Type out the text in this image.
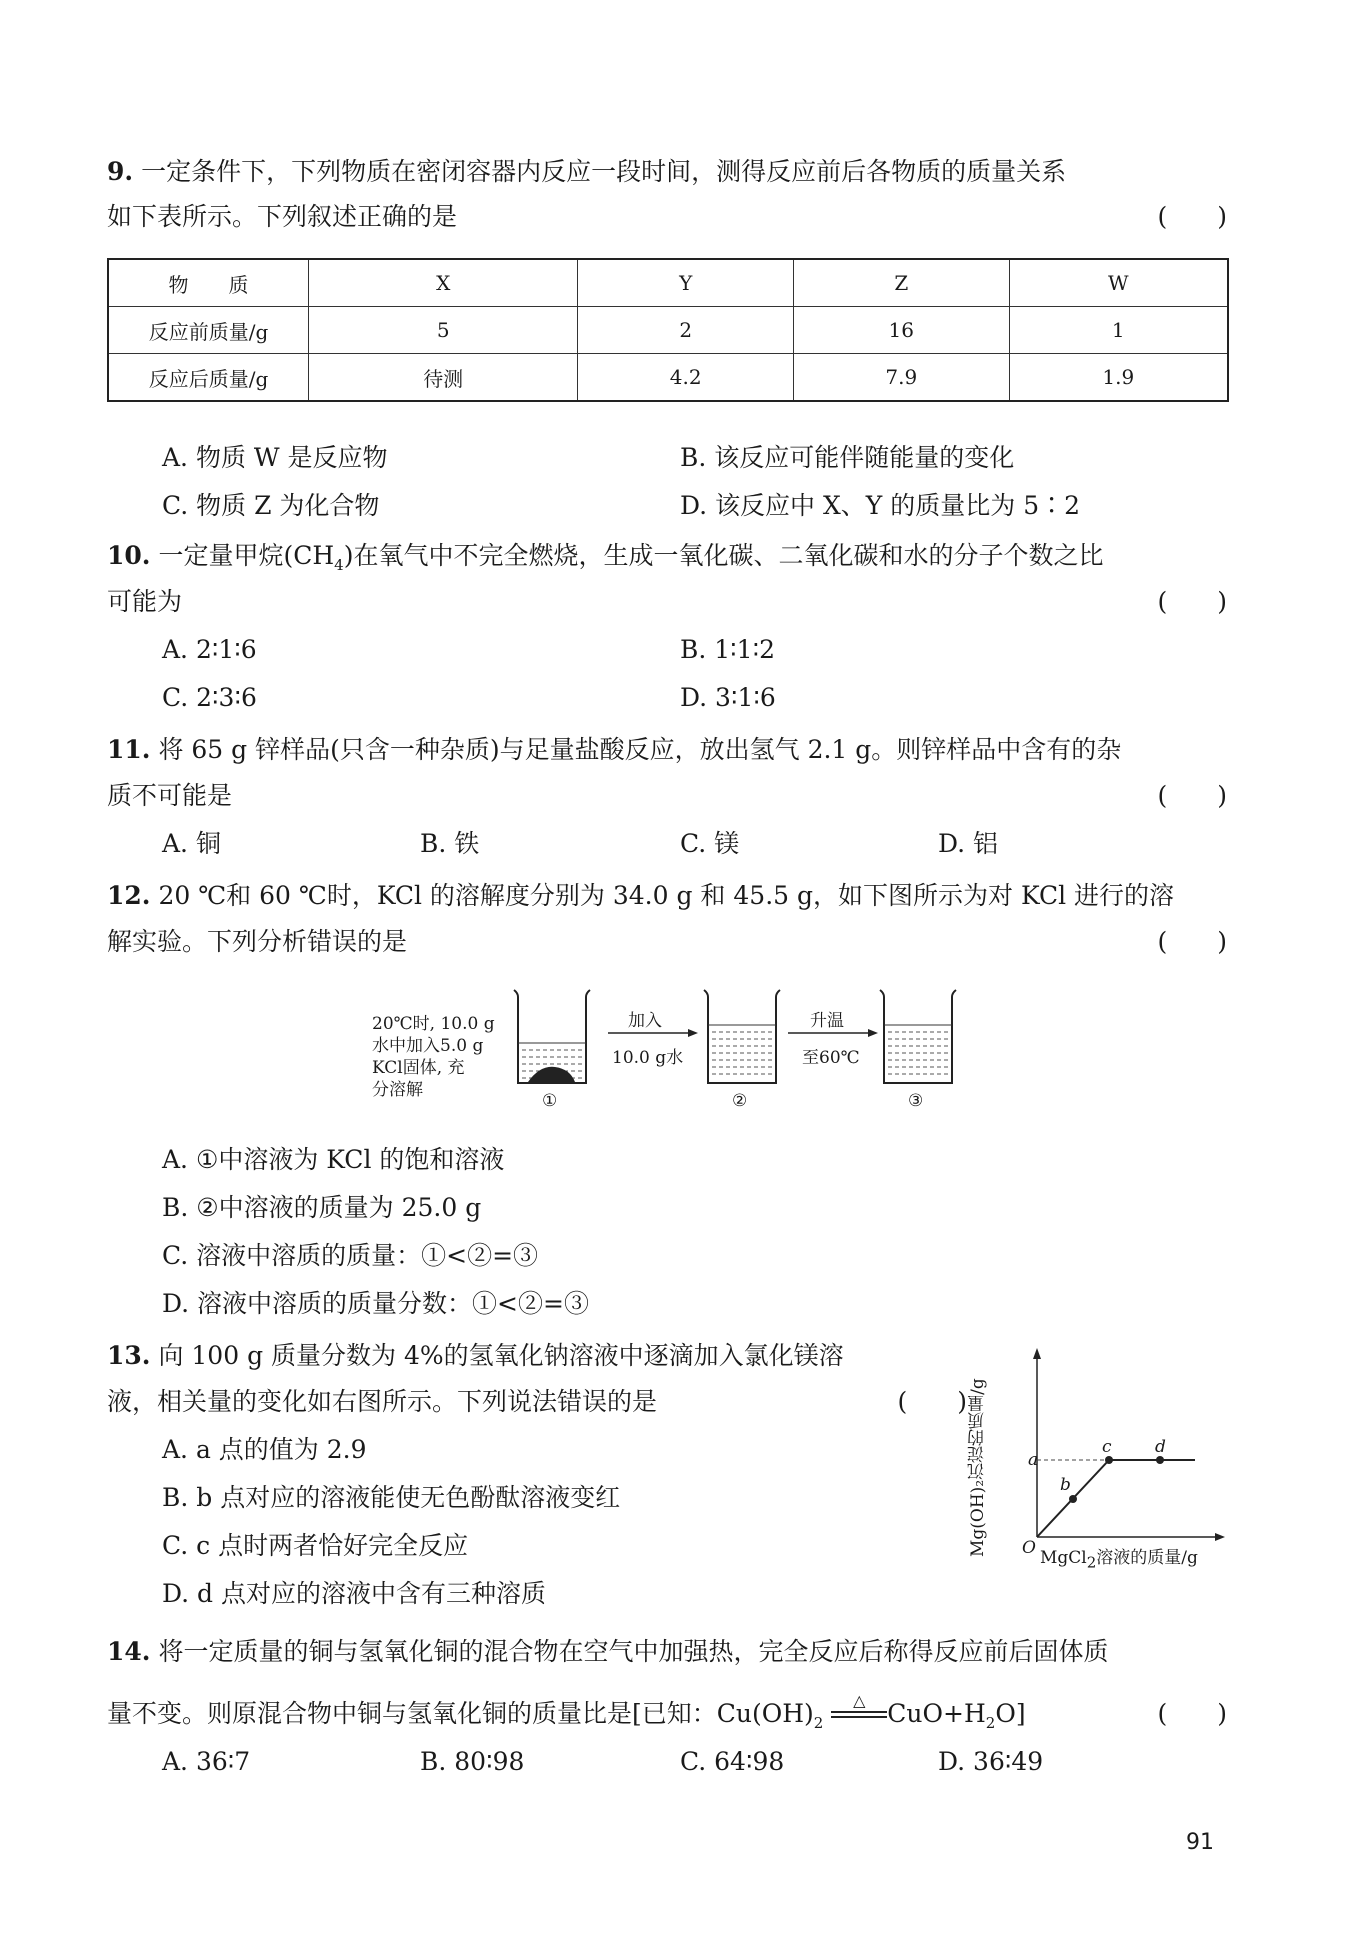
9. 一定条件下，下列物质在密闭容器内反应一段时间，测得反应前后各物质的质量关系
如下表所示。下列叙述正确的是	(　　)
物　　质	X	Y	Z	W
反应前质量/g	5	2	16	1
反应后质量/g	待测	4.2	7.9	1.9
A. 物质 W 是反应物	B. 该反应可能伴随能量的变化
C. 物质 Z 为化合物	D. 该反应中 X、Y 的质量比为 5∶2
10. 一定量甲烷$(CH_4)$在氧气中不完全燃烧，生成一氧化碳、二氧化碳和水的分子个数之比
可能为	(　　)
A. 2∶1∶6	B. 1∶1∶2
C. 2∶3∶6	D. 3∶1∶6
11. 将 65 g 锌样品(只含一种杂质)与足量盐酸反应，放出氢气 2.1 g。则锌样品中含有的杂
质不可能是	(　　)
A. 铜	B. 铁	C. 镁	D. 铝
12. 20 ℃和 60 ℃时，KCl 的溶解度分别为 34.0 g 和 45.5 g，如下图所示为对 KCl 进行的溶
解实验。下列分析错误的是	(　　)
20℃时, 10.0 g
水中加入5.0 g
KCl固体, 充
分溶解
加入
10.0 g水
升温
至60℃
①	②	③
A. ①中溶液为 KCl 的饱和溶液
B. ②中溶液的质量为 25.0 g
C. 溶液中溶质的质量：①<②=③
D. 溶液中溶质的质量分数：①<②=③
13. 向 100 g 质量分数为 4%的氢氧化钠溶液中逐滴加入氯化镁溶
液，相关量的变化如右图所示。下列说法错误的是	(　　)
A. a 点的值为 2.9
B. b 点对应的溶液能使无色酚酞溶液变红
C. c 点时两者恰好完全反应
D. d 点对应的溶液中含有三种溶质
Mg(OH)₂沉淀的质量/g	a
b
c	d
O MgCl$_2$溶液的质量/g
14. 将一定质量的铜与氢氧化铜的混合物在空气中加强热，完全反应后称得反应前后固体质
量不变。则原混合物中铜与氢氧化铜的质量比是[已知：$Cu(OH)_2$
△ $CuO+H_2O$]	(　　)
A. 36∶7	B. 80∶98	C. 64∶98	D. 36∶49
91
